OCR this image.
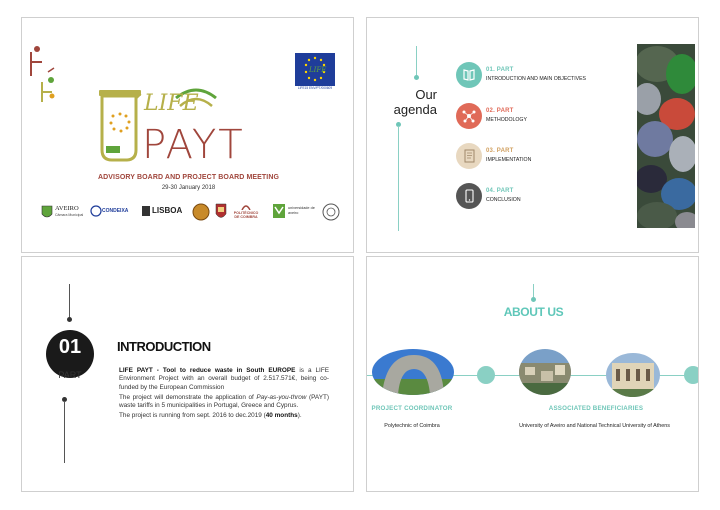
LIFE
PAYT
LIFE
LIFE15 ENV/PT/000609
ADVISORY BOARD AND PROJECT BOARD MEETING
29-30 January 2018
AVEIRO
Câmara Municipal
CONDEIXA	LISBOA	POLITÉCNICO DE COIMBRA
universidade de aveiro
Our
agenda
01. PART
INTRODUCTION AND MAIN OBJECTIVES
02. PART
METHODOLOGY
03. PART
IMPLEMENTATION
04. PART
CONCLUSION
01
PART
INTRODUCTION

LIFE PAYT - Tool to reduce waste in South EUROPE is a LIFE Environment Project with an overall budget of 2.517.571€, being co-funded by the European Commission

The project will demonstrate the application of Pay-as-you-throw (PAYT) waste tariffs in 5 municipalities in Portugal, Greece and Cyprus.

The project is running from sept. 2016 to dec.2019 (40 months).

ABOUT US
PROJECT COORDINATOR
Polytechnic of Coimbra
ASSOCIATED BENEFICIARIES
University of Aveiro and National Technical University of Athens
